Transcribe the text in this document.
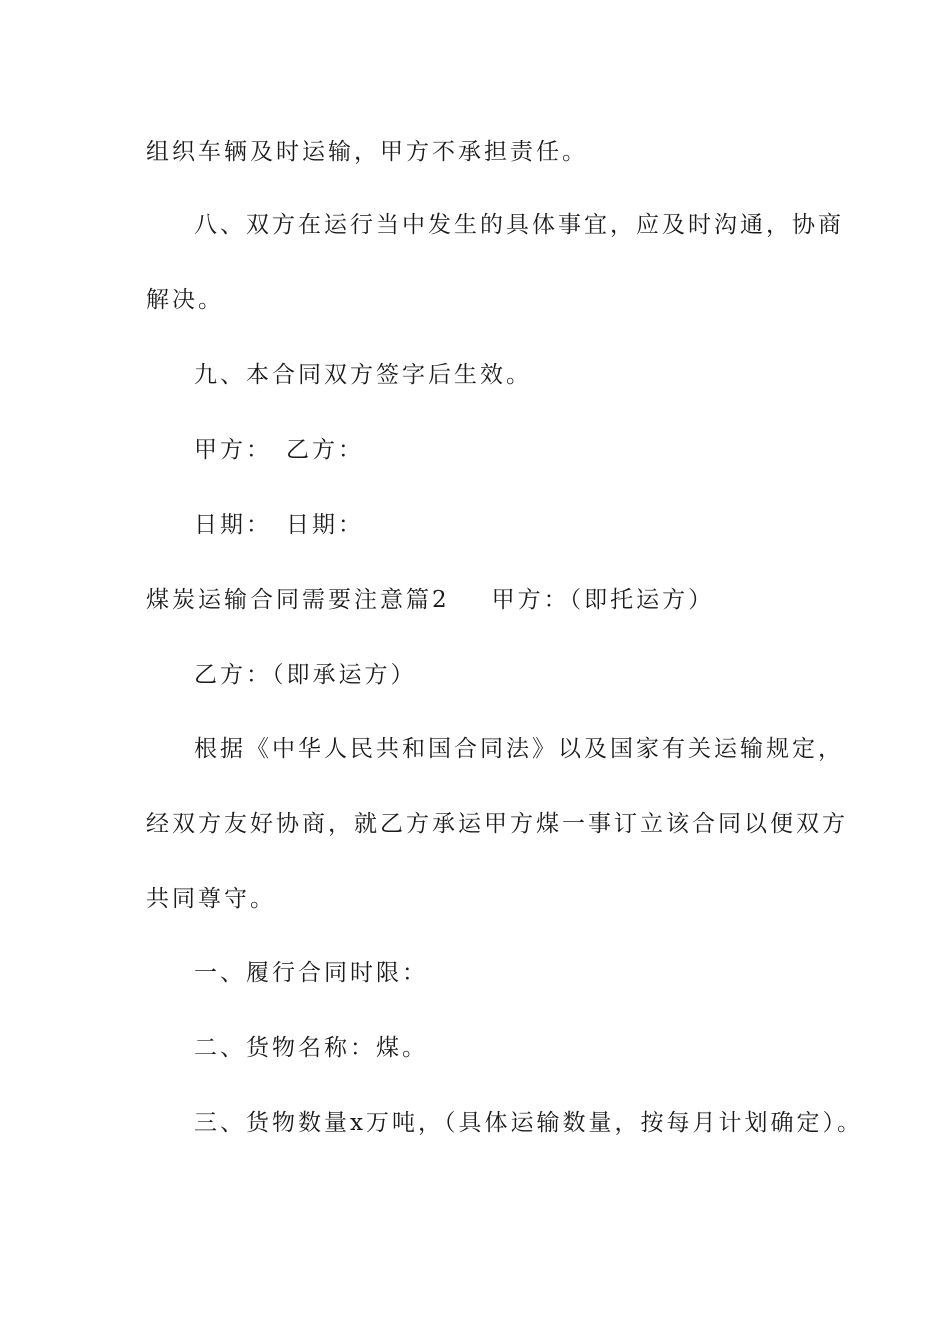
组织车辆及时运输，甲方不承担责任。
八、双方在运行当中发生的具体事宜，应及时沟通，协商
解决。
九、本合同双方签字后生效。
甲方： 乙方：
日期： 日期：
煤炭运输合同需要注意篇2 甲方：（即托运方）
乙方：（即承运方）
根据《中华人民共和国合同法》以及国家有关运输规定，
经双方友好协商，就乙方承运甲方煤一事订立该合同以便双方
共同尊守。
一、履行合同时限：
二、货物名称：煤。
三、货物数量x万吨，（具体运输数量，按每月计划确定）。
